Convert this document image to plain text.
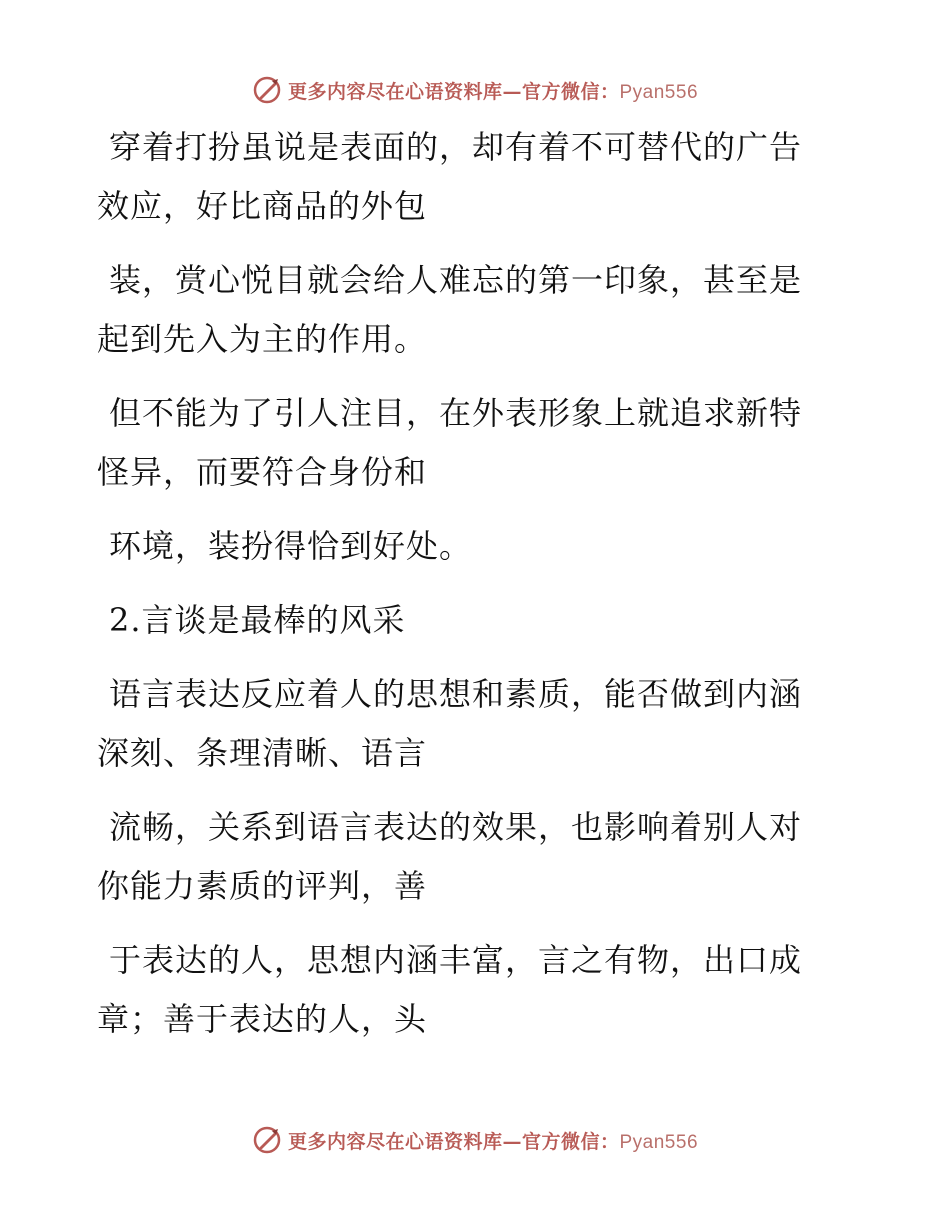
更多内容尽在心语资料库—官方微信：Pyan556

穿着打扮虽说是表面的，却有着不可替代的广告效应，好比商品的外包

装，赏心悦目就会给人难忘的第一印象，甚至是起到先入为主的作用。

但不能为了引人注目，在外表形象上就追求新特怪异，而要符合身份和

环境，装扮得恰到好处。

2.言谈是最棒的风采

语言表达反应着人的思想和素质，能否做到内涵深刻、条理清晰、语言

流畅，关系到语言表达的效果，也影响着别人对你能力素质的评判，善

于表达的人，思想内涵丰富，言之有物，出口成章；善于表达的人，头

更多内容尽在心语资料库—官方微信：Pyan556
